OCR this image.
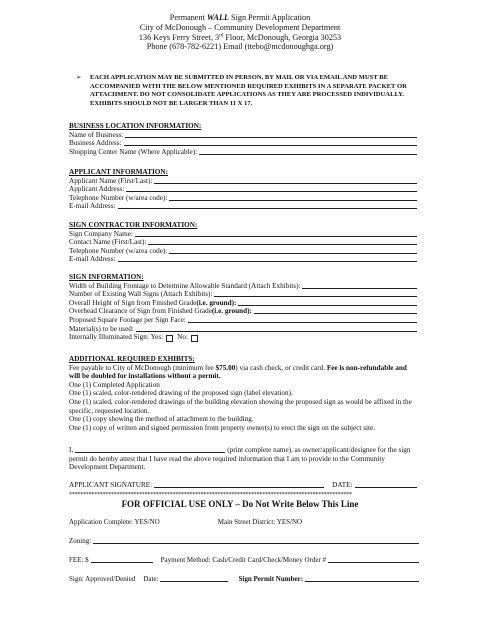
Permanent WALL Sign Permit Application
City of McDonough – Community Development Department
136 Keys Ferry Street, 3rd Floor, McDonough, Georgia 30253
Phone (678-782-6221) Email (ttebo@mcdonoughga.org)
➢ EACH APPLICATION MAY BE SUBMITTED IN PERSON, BY MAIL OR VIA EMAIL AND MUST BE ACCOMPANIED WITH THE BELOW MENTIONED REQUIRED EXHIBITS IN A SEPARATE PACKET OR ATTACHMENT. DO NOT CONSOLIDATE APPLICATIONS AS THEY ARE PROCESSED INDIVIDUALLY. EXHIBITS SHOULD NOT BE LARGER THAN 11 X 17.
BUSINESS LOCATION INFORMATION:
Name of Business:
Business Address:
Shopping Center Name (Where Applicable):
APPLICANT INFORMATION:
Applicant Name (First/Last):
Applicant Address:
Telephone Number (w/area code):
E-mail Address:
SIGN CONTRACTOR INFORMATION:
Sign Company Name:
Contact Name (First/Last):
Telephone Number (w/area code):
E-mail Address:
SIGN INFORMATION:
Width of Building Frontage to Determine Allowable Standard (Attach Exhibits):
Number of Existing Wall Signs (Attach Exhibits):
Overall Height of Sign from Finished Grade (i.e. ground):
Overhead Clearance of Sign from Finished Grade (i.e. ground):
Proposed Square Footage per Sign Face:
Material(s) to be used:
Internally Illuminated Sign:
Yes: No:
ADDITIONAL REQUIRED EXHIBITS:
Fee payable to City of McDonough (minimum fee $75.00) via cash check, or credit card. Fee is non-refundable and will be doubled for installations without a permit.
One (1) Completed Application
One (1) scaled, color-rendered drawing of the proposed sign (label elevation).
One (1) scaled, color-rendered drawings of the building elevation showing the proposed sign as would be affixed in the specific, requested location.
One (1) copy showing the method of attachment to the building.
One (1) copy of written and signed permission from property owner(s) to erect the sign on the subject site.
I,	(print complete name), as owner/applicant/designee for the sign permit do hereby attest that I have read the above required information that I am to provide to the Community Development Department.
APPLICANT SIGNATURE:	DATE:
*****************************************************************************************************
FOR OFFICIAL USE ONLY – Do Not Write Below This Line
Application Complete: YES/NO	Main Street District: YES/NO
Zoning:
FEE: $	Payment Method: Cash/Credit Card/Check/Money Order #
Sign: Approved/Denied Date:	Sign Permit Number:
